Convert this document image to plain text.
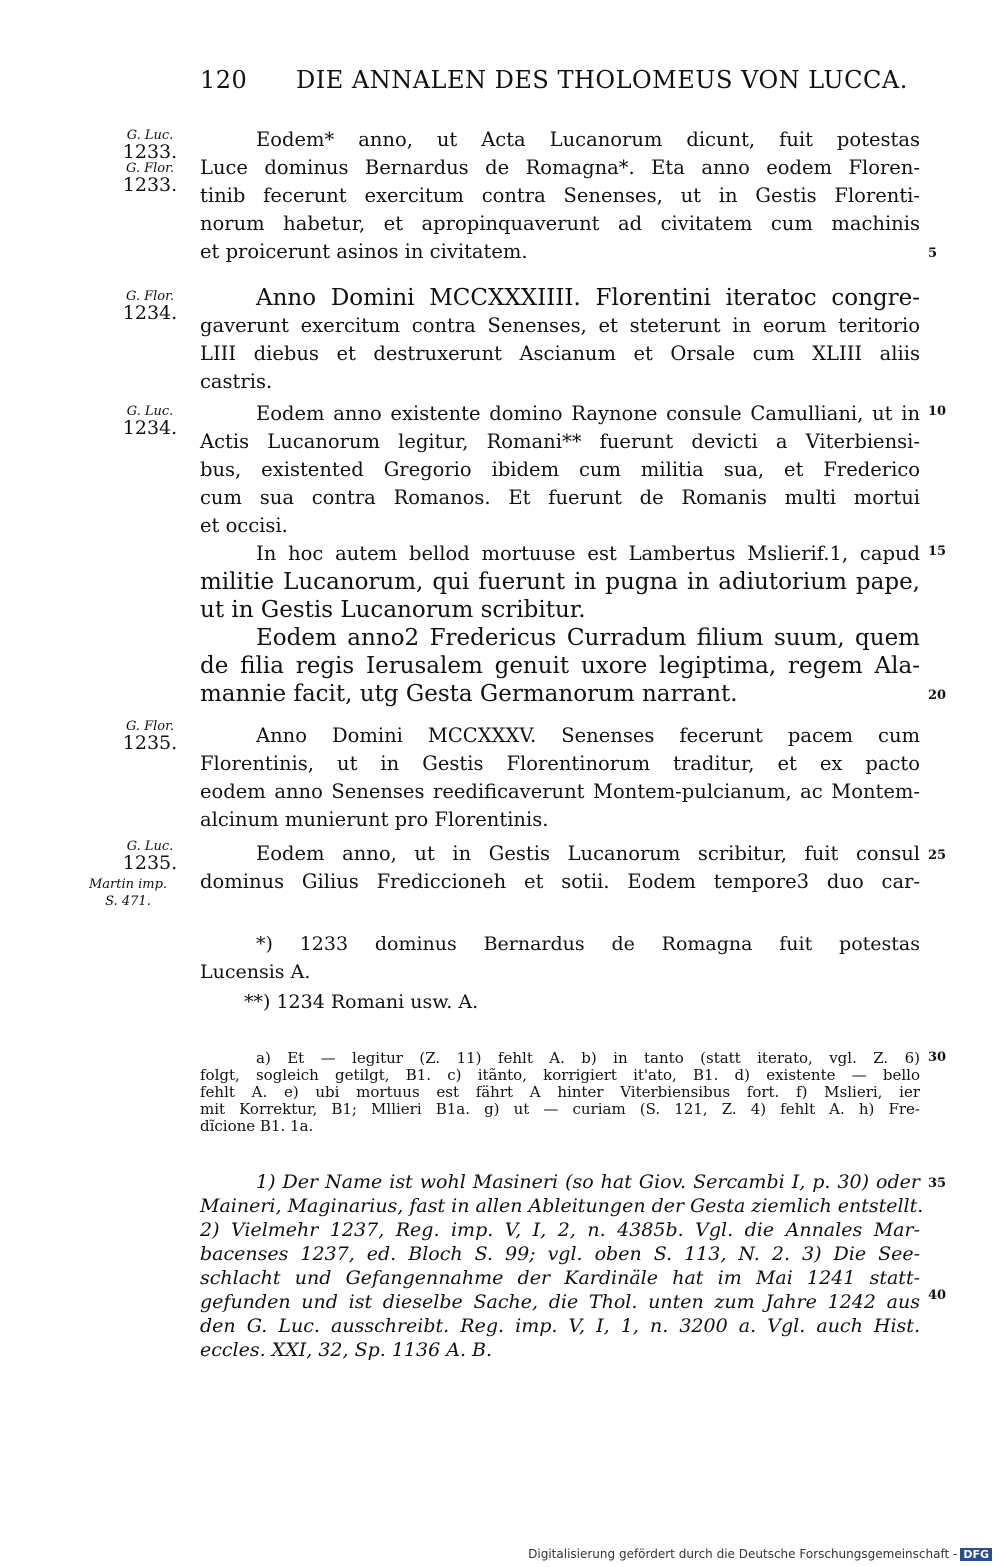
120 DIE ANNALEN DES THOLOMEUS VON LUCCA.
G. Luc.
1233.
G. Flor.
1233.
G. Flor.
1234.
G. Luc.
1234.
G. Flor.
1235.
G. Luc.
1235.
Martin imp.
S. 471.
Eodem* anno, ut Acta Lucanorum dicunt, fuit potestas
Luce dominus Bernardus de Romagna*. Eta anno eodem Floren-
tinib fecerunt exercitum contra Senenses, ut in Gestis Florenti-
norum habetur, et apropinquaverunt ad civitatem cum machinis
et proicerunt asinos in civitatem.
Anno Domini MCCXXXIIII. Florentini iteratoc congre-
gaverunt exercitum contra Senenses, et steterunt in eorum teritorio
LIII diebus et destruxerunt Ascianum et Orsale cum XLIII aliis
castris.
Eodem anno existente domino Raynone consule Camulliani, ut in
Actis Lucanorum legitur, Romani** fuerunt devicti a Viterbiensi-
bus, existented Gregorio ibidem cum militia sua, et Frederico
cum sua contra Romanos. Et fuerunt de Romanis multi mortui
et occisi.
In hoc autem bellod mortuuse est Lambertus Mslierif.1, capud
militie Lucanorum, qui fuerunt in pugna in adiutorium pape,
ut in Gestis Lucanorum scribitur.
Eodem anno2 Fredericus Curradum filium suum, quem
de filia regis Ierusalem genuit uxore legiptima, regem Ala-
mannie facit, utg Gesta Germanorum narrant.
Anno Domini MCCXXXV. Senenses fecerunt pacem cum
Florentinis, ut in Gestis Florentinorum traditur, et ex pacto
eodem anno Senenses reedificaverunt Montem-pulcianum, ac Montem-
alcinum munierunt pro Florentinis.
Eodem anno, ut in Gestis Lucanorum scribitur, fuit consul
dominus Gilius Frediccioneh et sotii. Eodem tempore3 duo car-
5
10
15
20
25
30
35
40
*) 1233 dominus Bernardus de Romagna fuit potestas
Lucensis A.
**) 1234 Romani usw. A.
a) Et — legitur (Z. 11) fehlt A. b) in tanto (statt iterato, vgl. Z. 6)
folgt, sogleich getilgt, B1. c) itãnto, korrigiert it'ato, B1. d) existente — bello
fehlt A. e) ubi mortuus est fährt A hinter Viterbiensibus fort. f) Mslieri, ier
mit Korrektur, B1; Mllieri B1a. g) ut — curiam (S. 121, Z. 4) fehlt A. h) Fre-
dĩcione B1. 1a.
1) Der Name ist wohl Masineri (so hat Giov. Sercambi I, p. 30) oder
Maineri, Maginarius, fast in allen Ableitungen der Gesta ziemlich entstellt.
2) Vielmehr 1237, Reg. imp. V, I, 2, n. 4385b. Vgl. die Annales Mar-
bacenses 1237, ed. Bloch S. 99; vgl. oben S. 113, N. 2. 3) Die See-
schlacht und Gefangennahme der Kardinäle hat im Mai 1241 statt-
gefunden und ist dieselbe Sache, die Thol. unten zum Jahre 1242 aus
den G. Luc. ausschreibt. Reg. imp. V, I, 1, n. 3200 a. Vgl. auch Hist.
eccles. XXI, 32, Sp. 1136 A. B.
Digitalisierung gefördert durch die Deutsche Forschungsgemeinschaft - DFG
